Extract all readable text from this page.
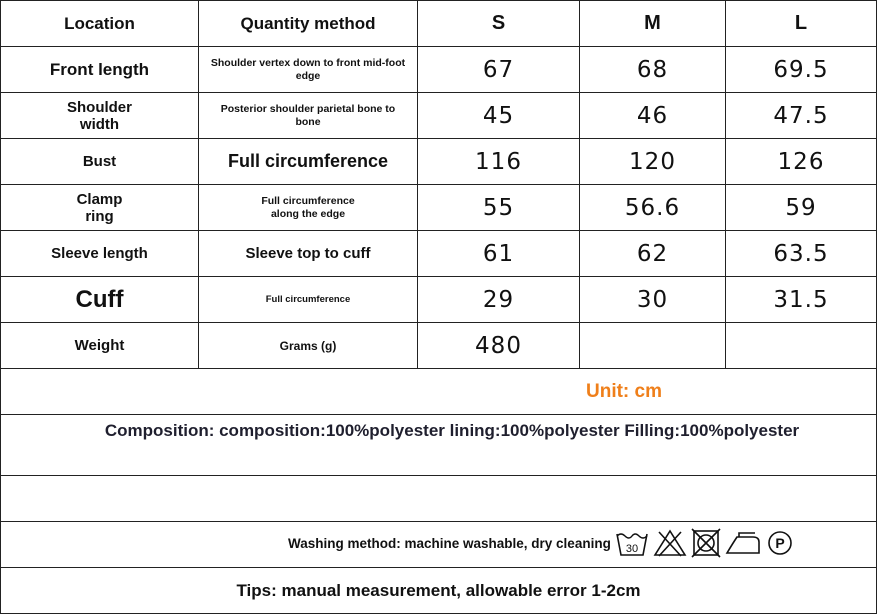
Location	Quantity method	S	M	L
Front length	Shoulder vertex down to front mid-foot edge	67	68	69.5

Shoulder width	Posterior shoulder parietal bone to bone	45	46	47.5
Bust	Full circumference	116	120	126

Clamp ring	Full circumference along the edge	55	56.6	59
Sleeve length	Sleeve top to cuff	61	62	63.5
Cuff	Full circumference	29	30	31.5
Weight	Grams (g)	480		

Unit: cm				

Composition: composition:100%polyester lining:100%polyester Filling:100%polyester				

Washing method: machine washable, dry cleaning 30 P				

Tips: manual measurement, allowable error 1-2cm				
